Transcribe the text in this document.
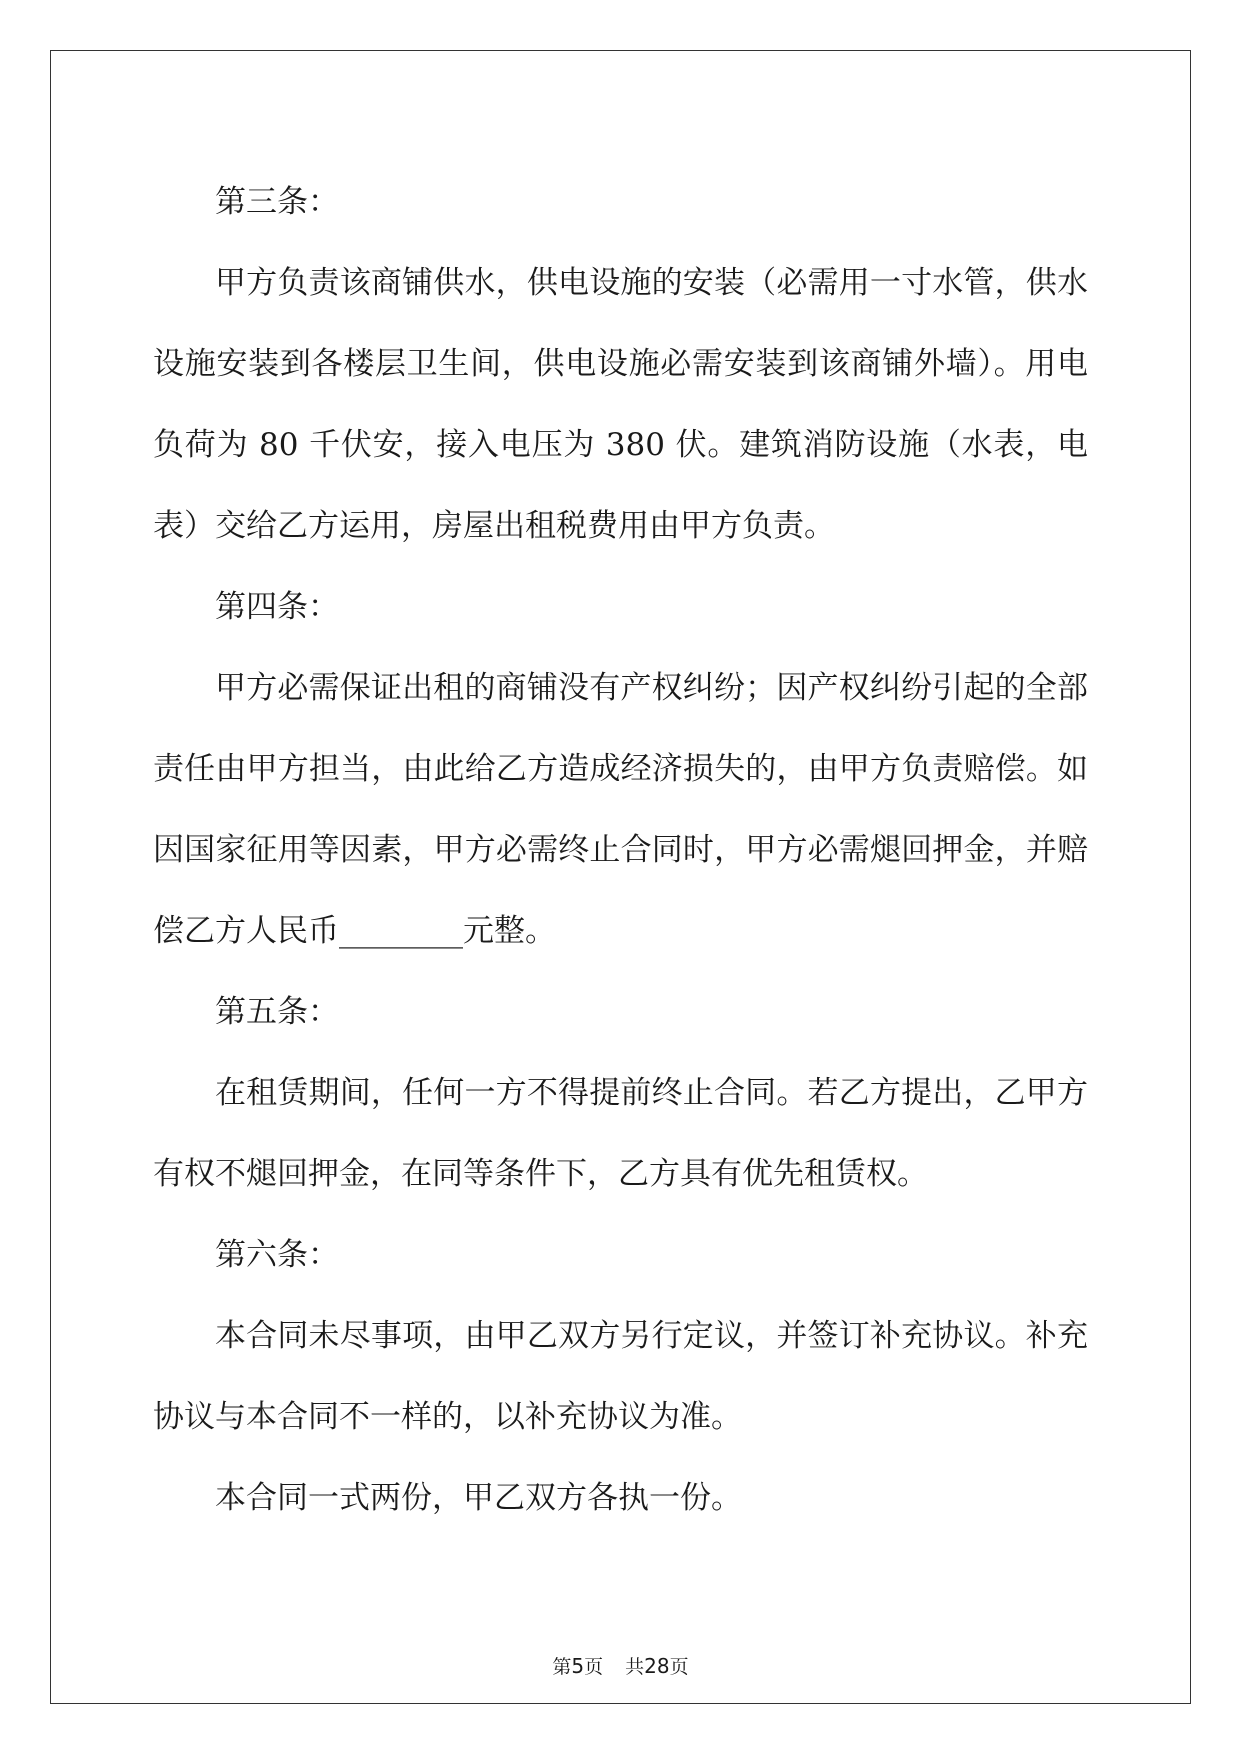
第三条：

甲方负责该商铺供水，供电设施的安装（必需用一寸水管，供水设施安装到各楼层卫生间，供电设施必需安装到该商铺外墙）。用电负荷为 80 千伏安，接入电压为 380 伏。建筑消防设施（水表，电表）交给乙方运用，房屋出租税费用由甲方负责。

第四条：

甲方必需保证出租的商铺没有产权纠纷；因产权纠纷引起的全部责任由甲方担当，由此给乙方造成经济损失的，由甲方负责赔偿。如因国家征用等因素，甲方必需终止合同时，甲方必需煺回押金，并赔偿乙方人民币________元整。

第五条：

在租赁期间，任何一方不得提前终止合同。若乙方提出，乙甲方有权不煺回押金，在同等条件下，乙方具有优先租赁权。

第六条：

本合同未尽事项，由甲乙双方另行定议，并签订补充协议。补充协议与本合同不一样的，以补充协议为准。

本合同一式两份，甲乙双方各执一份。

第5页 共28页
